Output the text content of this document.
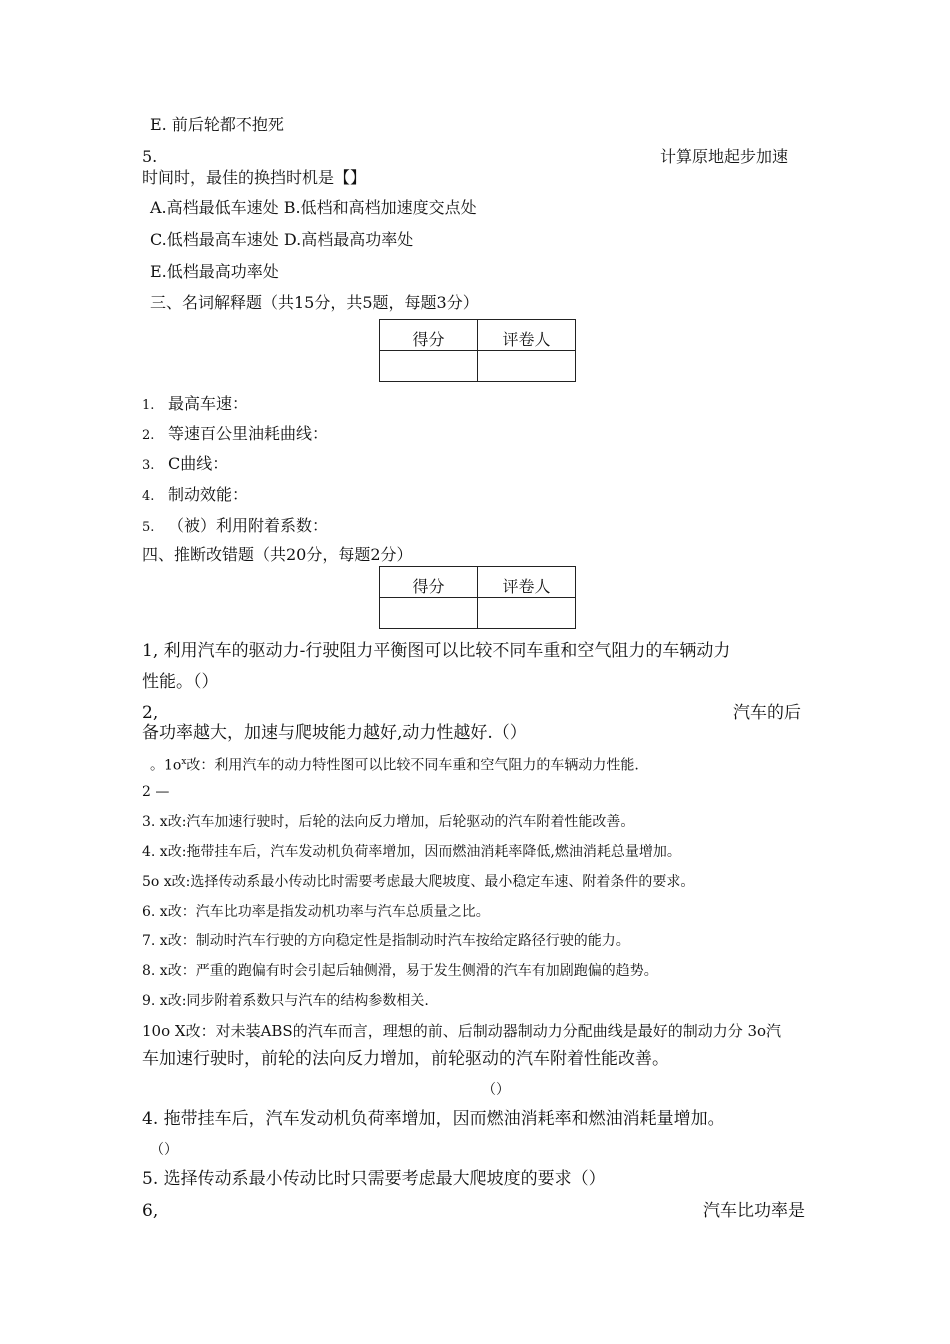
E. 前后轮都不抱死
5.	计算原地起步加速
时间时，最佳的换挡时机是【】
A.高档最低车速处 B.低档和高档加速度交点处
C.低档最高车速处 D.高档最高功率处
E.低档最高功率处
三、名词解释题（共15分，共5题，每题3分）
得分	评卷人

1. 最高车速：
2. 等速百公里油耗曲线：
3. C曲线：
4. 制动效能：
5. （被）利用附着系数：
四、推断改错题（共20分，每题2分）
得分	评卷人

1, 利用汽车的驱动力-行驶阻力平衡图可以比较不同车重和空气阻力的车辆动力
性能。（）
2,	汽车的后
备功率越大，加速与爬坡能力越好,动力性越好.（）
。$1o^x$改：利用汽车的动力特性图可以比较不同车重和空气阻力的车辆动力性能.
2 —
3. x改:汽车加速行驶时，后轮的法向反力增加，后轮驱动的汽车附着性能改善。
4. x改:拖带挂车后，汽车发动机负荷率增加，因而燃油消耗率降低,燃油消耗总量增加。
5o x改:选择传动系最小传动比时需要考虑最大爬坡度、最小稳定车速、附着条件的要求。
6. x改：汽车比功率是指发动机功率与汽车总质量之比。
7. x改：制动时汽车行驶的方向稳定性是指制动时汽车按给定路径行驶的能力。
8. x改：严重的跑偏有时会引起后轴侧滑，易于发生侧滑的汽车有加剧跑偏的趋势。
9. x改:同步附着系数只与汽车的结构参数相关.
10o X改：对未装ABS的汽车而言，理想的前、后制动器制动力分配曲线是最好的制动力分 3o汽
车加速行驶时，前轮的法向反力增加，前轮驱动的汽车附着性能改善。
（）
4. 拖带挂车后，汽车发动机负荷率增加，因而燃油消耗率和燃油消耗量增加。
（）
5. 选择传动系最小传动比时只需要考虑最大爬坡度的要求（）
6,	汽车比功率是
